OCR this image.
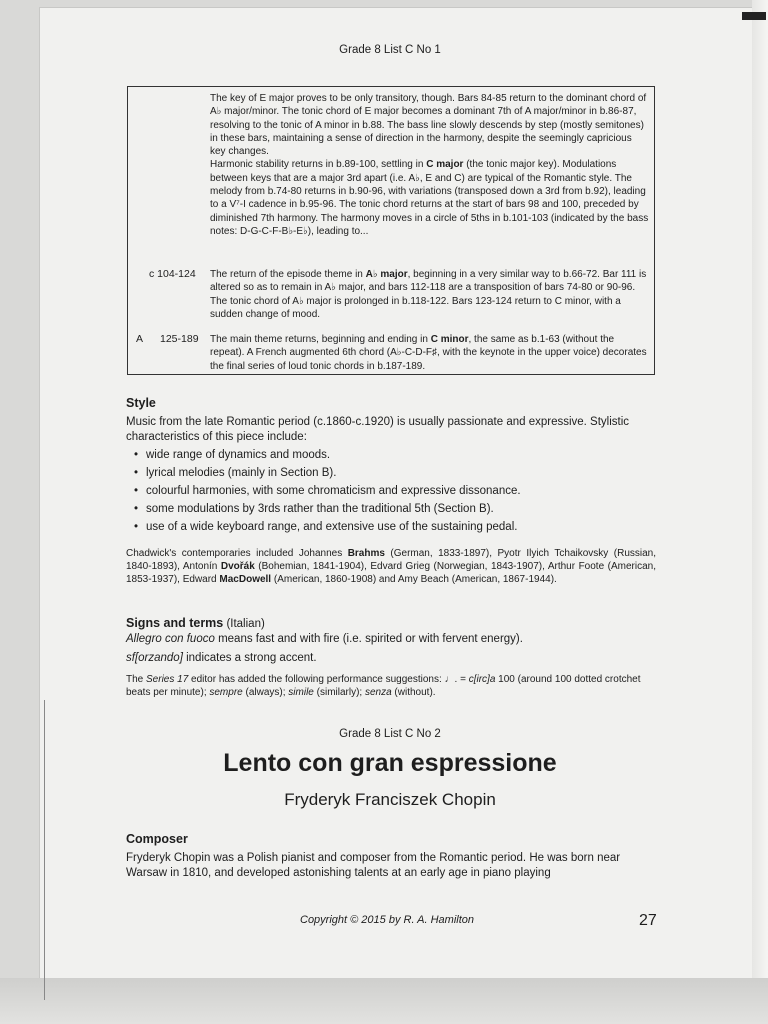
Grade 8 List C No 1

The key of E major proves to be only transitory, though. Bars 84-85 return to the dominant chord of A♭ major/minor. The tonic chord of E major becomes a dominant 7th of A major/minor in b.86-87, resolving to the tonic of A minor in b.88. The bass line slowly descends by step (mostly semitones) in these bars, maintaining a sense of direction in the harmony, despite the seemingly capricious key changes.

Harmonic stability returns in b.89-100, settling in C major (the tonic major key). Modulations between keys that are a major 3rd apart (i.e. A♭, E and C) are typical of the Romantic style. The melody from b.74-80 returns in b.90-96, with variations (transposed down a 3rd from b.92), leading to a V⁷-I cadence in b.95-96. The tonic chord returns at the start of bars 98 and 100, preceded by diminished 7th harmony. The harmony moves in a circle of 5ths in b.101-103 (indicated by the bass notes: D-G-C-F-B♭-E♭), leading to...

c 104-124 The return of the episode theme in A♭ major, beginning in a very similar way to b.66-72. Bar 111 is altered so as to remain in A♭ major, and bars 112-118 are a transposition of bars 74-80 or 90-96. The tonic chord of A♭ major is prolonged in b.118-122. Bars 123-124 return to C minor, with a sudden change of mood.
A 125-189 The main theme returns, beginning and ending in C minor, the same as b.1-63 (without the repeat). A French augmented 6th chord (A♭-C-D-F♯, with the keynote in the upper voice) decorates the final series of loud tonic chords in b.187-189.
Style
Music from the late Romantic period (c.1860-c.1920) is usually passionate and expressive. Stylistic characteristics of this piece include:
• wide range of dynamics and moods.
• lyrical melodies (mainly in Section B).
• colourful harmonies, with some chromaticism and expressive dissonance.
• some modulations by 3rds rather than the traditional 5th (Section B).
• use of a wide keyboard range, and extensive use of the sustaining pedal.
Chadwick's contemporaries included Johannes Brahms (German, 1833-1897), Pyotr Ilyich Tchaikovsky (Russian, 1840-1893), Antonín Dvořák (Bohemian, 1841-1904), Edvard Grieg (Norwegian, 1843-1907), Arthur Foote (American, 1853-1937), Edward MacDowell (American, 1860-1908) and Amy Beach (American, 1867-1944).
Signs and terms (Italian)
Allegro con fuoco means fast and with fire (i.e. spirited or with fervent energy).
sf[orzando] indicates a strong accent.
The Series 17 editor has added the following performance suggestions: ♩. = c[irc]a 100 (around 100 dotted crotchet beats per minute); sempre (always); simile (similarly); senza (without).
Grade 8 List C No 2
Lento con gran espressione
Fryderyk Franciszek Chopin
Composer
Fryderyk Chopin was a Polish pianist and composer from the Romantic period. He was born near Warsaw in 1810, and developed astonishing talents at an early age in piano playing
Copyright © 2015 by R. A. Hamilton	27
